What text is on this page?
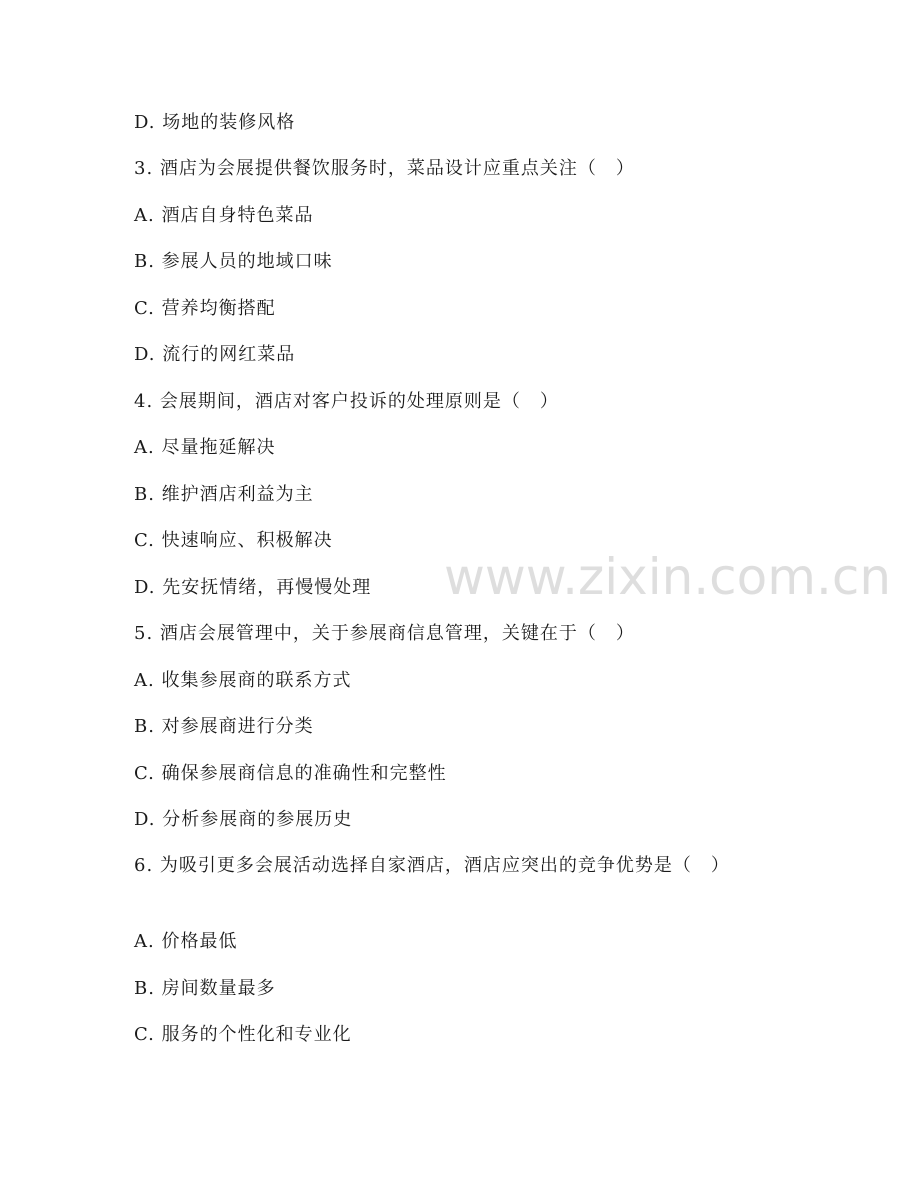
D. 场地的装修风格
3. 酒店为会展提供餐饮服务时，菜品设计应重点关注（　）
A. 酒店自身特色菜品
B. 参展人员的地域口味
C. 营养均衡搭配
D. 流行的网红菜品
4. 会展期间，酒店对客户投诉的处理原则是（　）
A. 尽量拖延解决
B. 维护酒店利益为主
C. 快速响应、积极解决
D. 先安抚情绪，再慢慢处理
5. 酒店会展管理中，关于参展商信息管理，关键在于（　）
A. 收集参展商的联系方式
B. 对参展商进行分类
C. 确保参展商信息的准确性和完整性
D. 分析参展商的参展历史
6. 为吸引更多会展活动选择自家酒店，酒店应突出的竞争优势是（　）
A. 价格最低
B. 房间数量最多
C. 服务的个性化和专业化
www.zixin.com.cn
